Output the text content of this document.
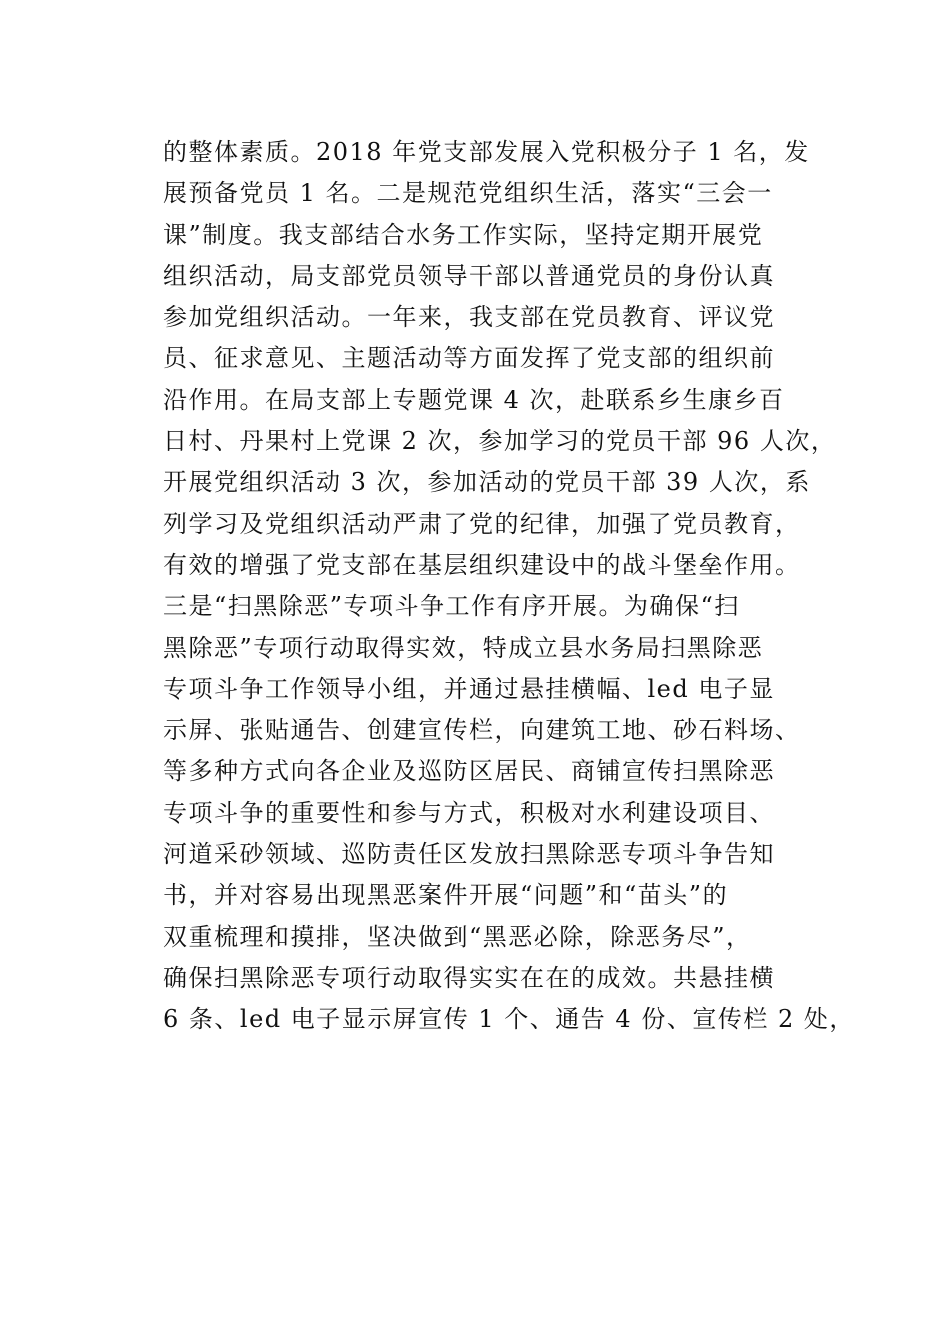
的整体素质。2018 年党支部发展入党积极分子 1 名，发
展预备党员 1 名。二是规范党组织生活，落实“三会一
课”制度。我支部结合水务工作实际，坚持定期开展党
组织活动，局支部党员领导干部以普通党员的身份认真
参加党组织活动。一年来，我支部在党员教育、评议党
员、征求意见、主题活动等方面发挥了党支部的组织前
沿作用。在局支部上专题党课 4 次，赴联系乡生康乡百
日村、丹果村上党课 2 次，参加学习的党员干部 96 人次，
开展党组织活动 3 次，参加活动的党员干部 39 人次，系
列学习及党组织活动严肃了党的纪律，加强了党员教育，
有效的增强了党支部在基层组织建设中的战斗堡垒作用。
三是“扫黑除恶”专项斗争工作有序开展。为确保“扫
黑除恶”专项行动取得实效，特成立县水务局扫黑除恶
专项斗争工作领导小组，并通过悬挂横幅、led 电子显
示屏、张贴通告、创建宣传栏，向建筑工地、砂石料场、
等多种方式向各企业及巡防区居民、商铺宣传扫黑除恶
专项斗争的重要性和参与方式，积极对水利建设项目、
河道采砂领域、巡防责任区发放扫黑除恶专项斗争告知
书，并对容易出现黑恶案件开展“问题”和“苗头”的
双重梳理和摸排，坚决做到“黑恶必除，除恶务尽”，
确保扫黑除恶专项行动取得实实在在的成效。共悬挂横
6 条、led 电子显示屏宣传 1 个、通告 4 份、宣传栏 2 处，
